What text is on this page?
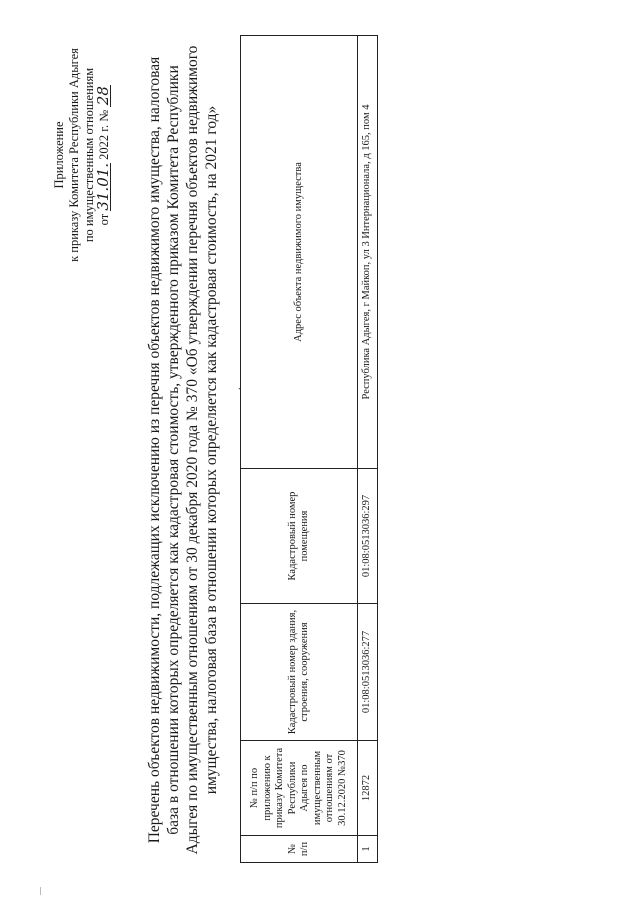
Приложение к приказу Комитета Республики Адыгея по имущественным отношениям от 31.01. 2022 г. № 28 Перечень объектов недвижимости, подлежащих исключению из перечня объектов недвижимого имущества, налоговая база в отношении которых определяется как кадастровая стоимость, утвержденного приказом Комитета Республики Адыгея по имущественным отношениям от 30 декабря 2020 года № 370 «Об утверждении перечня объектов недвижимого имущества, налоговая база в отношении которых определяется как кадастровая стоимость, на 2021 год» .
№ п/п	№ п/п по приложению к приказу Комитета Республики Адыгея по имущественным отношениям от 30.12.2020 №370	Кадастровый номер здания, строения, сооружения	Кадастровый номер помещения	Адрес объекта недвижимого имущества
1	12872	01:08:0513036:277	01:08:0513036:297	Республика Адыгея, г Майкоп, ул 3 Интернационала, д 165, пом 4
